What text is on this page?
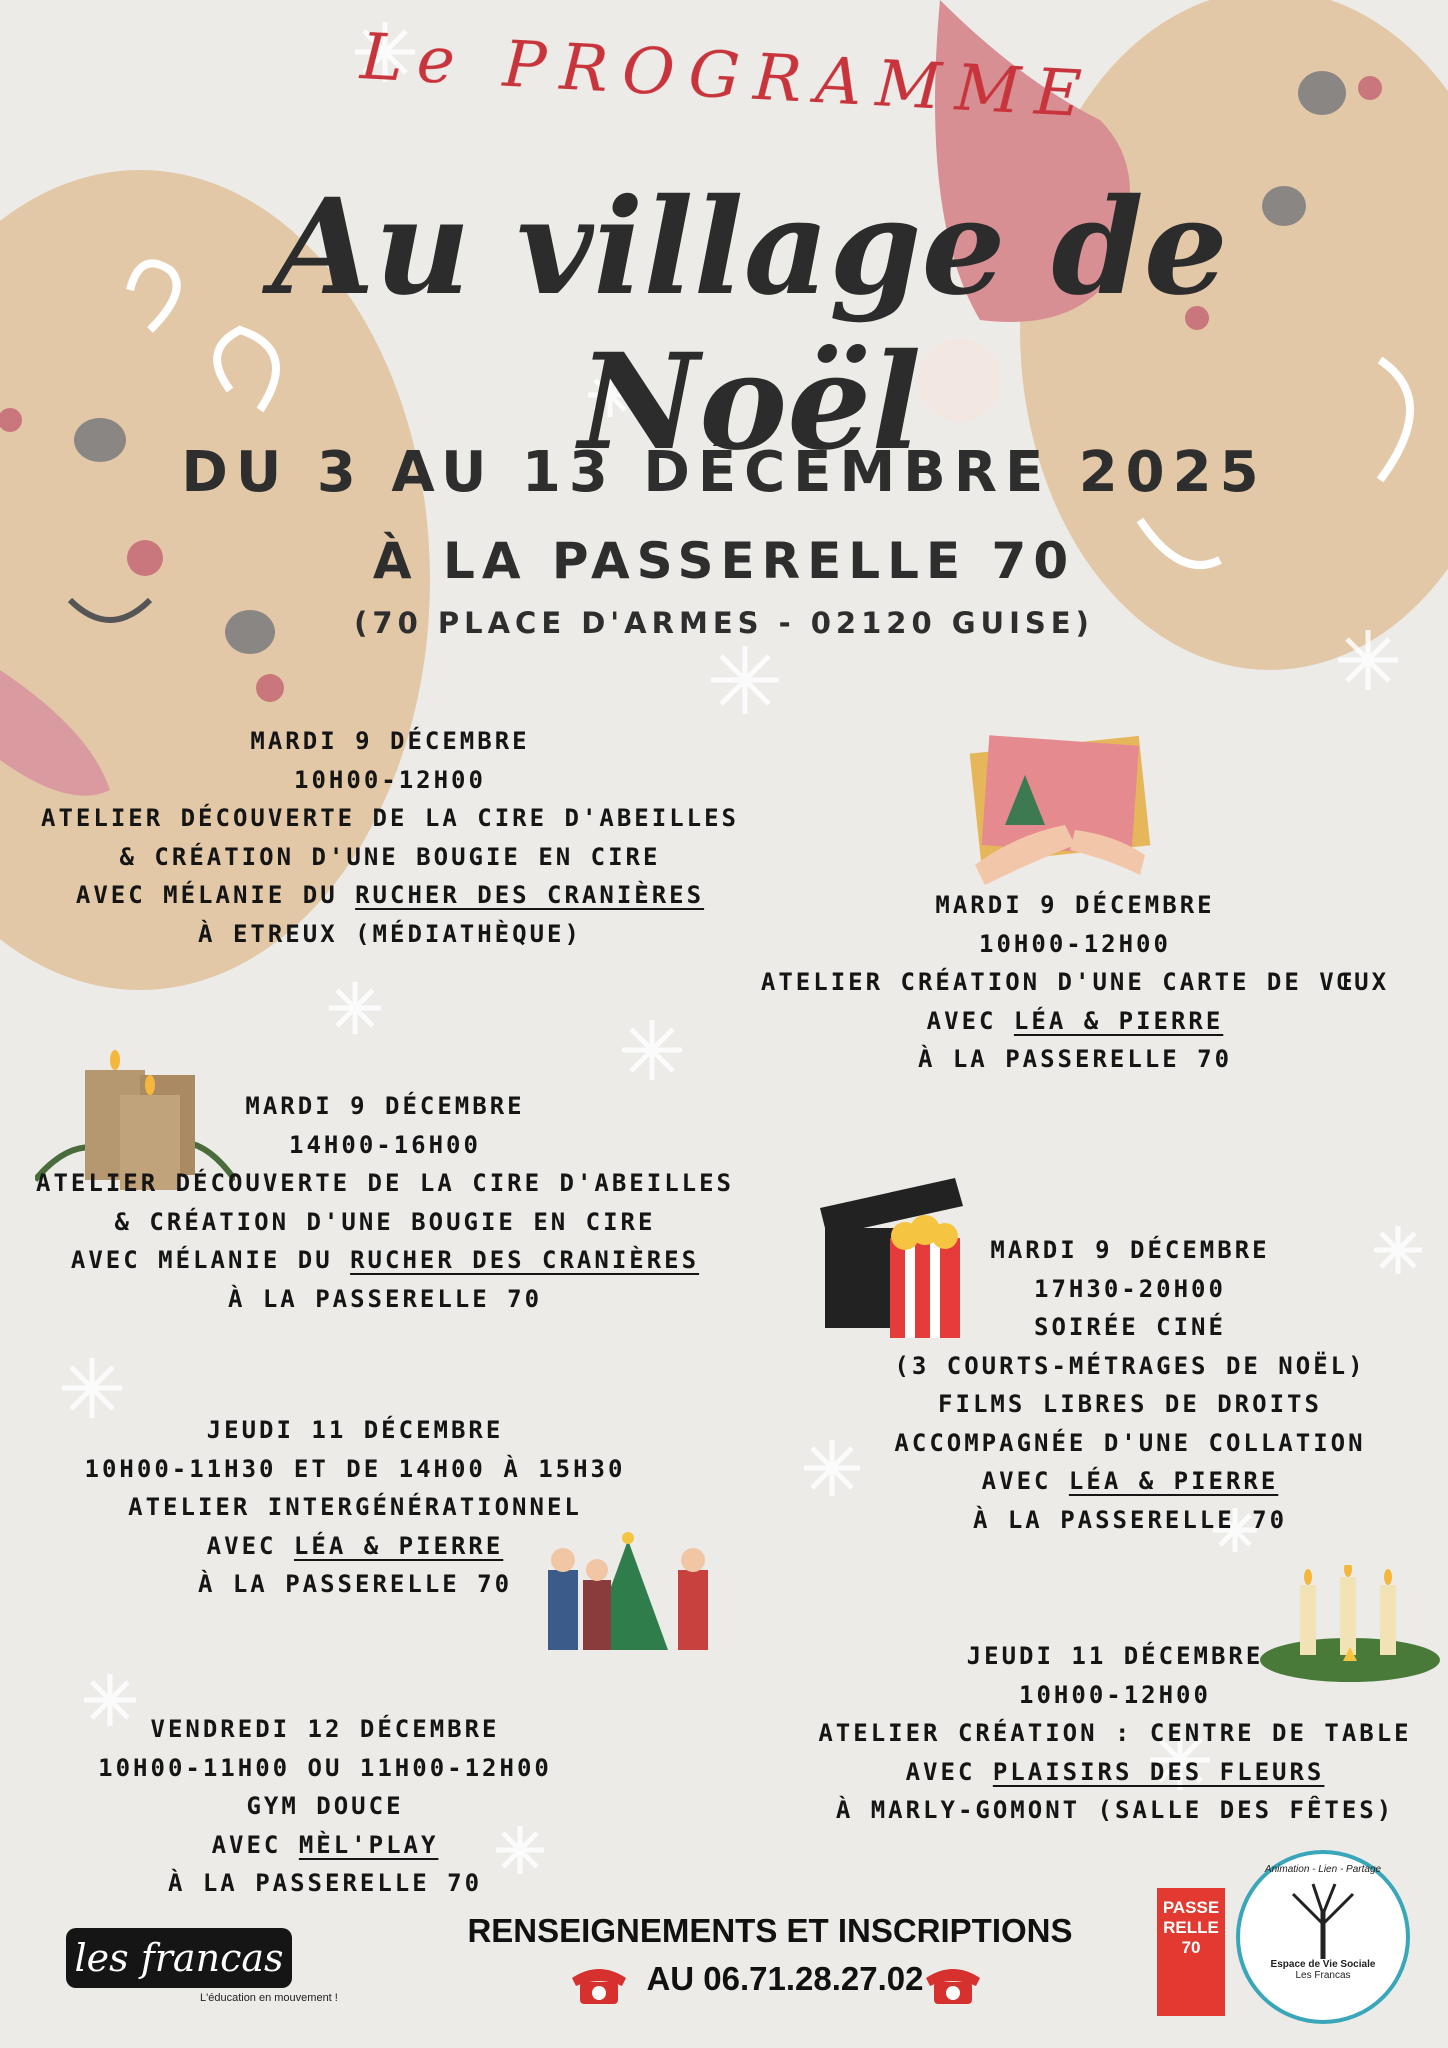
Le PROGRAMME
Au village de Noël
DU 3 AU 13 DÉCEMBRE 2025
À LA PASSERELLE 70
(70 PLACE D'ARMES - 02120 GUISE)
MARDI 9 DÉCEMBRE
10H00-12H00
ATELIER DÉCOUVERTE DE LA CIRE D'ABEILLES
& CRÉATION D'UNE BOUGIE EN CIRE
AVEC MÉLANIE DU RUCHER DES CRANIÈRES
À ETREUX (MÉDIATHÈQUE)
MARDI 9 DÉCEMBRE
10H00-12H00
ATELIER CRÉATION D'UNE CARTE DE VŒUX
AVEC LÉA & PIERRE
À LA PASSERELLE 70
MARDI 9 DÉCEMBRE
14H00-16H00
ATELIER DÉCOUVERTE DE LA CIRE D'ABEILLES
& CRÉATION D'UNE BOUGIE EN CIRE
AVEC MÉLANIE DU RUCHER DES CRANIÈRES
À LA PASSERELLE 70
MARDI 9 DÉCEMBRE
17H30-20H00
SOIRÉE CINÉ
(3 COURTS-MÉTRAGES DE NOËL)
FILMS LIBRES DE DROITS
ACCOMPAGNÉE D'UNE COLLATION
AVEC LÉA & PIERRE
À LA PASSERELLE 70
JEUDI 11 DÉCEMBRE
10H00-11H30 ET DE 14H00 À 15H30
ATELIER INTERGÉNÉRATIONNEL
AVEC LÉA & PIERRE
À LA PASSERELLE 70
JEUDI 11 DÉCEMBRE
10H00-12H00
ATELIER CRÉATION : CENTRE DE TABLE
AVEC PLAISIRS DES FLEURS
À MARLY-GOMONT (SALLE DES FÊTES)
VENDREDI 12 DÉCEMBRE
10H00-11H00 OU 11H00-12H00
GYM DOUCE
AVEC MÈL'PLAY
À LA PASSERELLE 70
RENSEIGNEMENTS ET INSCRIPTIONS
AU 06.71.28.27.02
les francas
L'éducation en mouvement !
PASSERELLE 70
Animation - Lien - Partage
Espace de Vie Sociale
Les Francas
